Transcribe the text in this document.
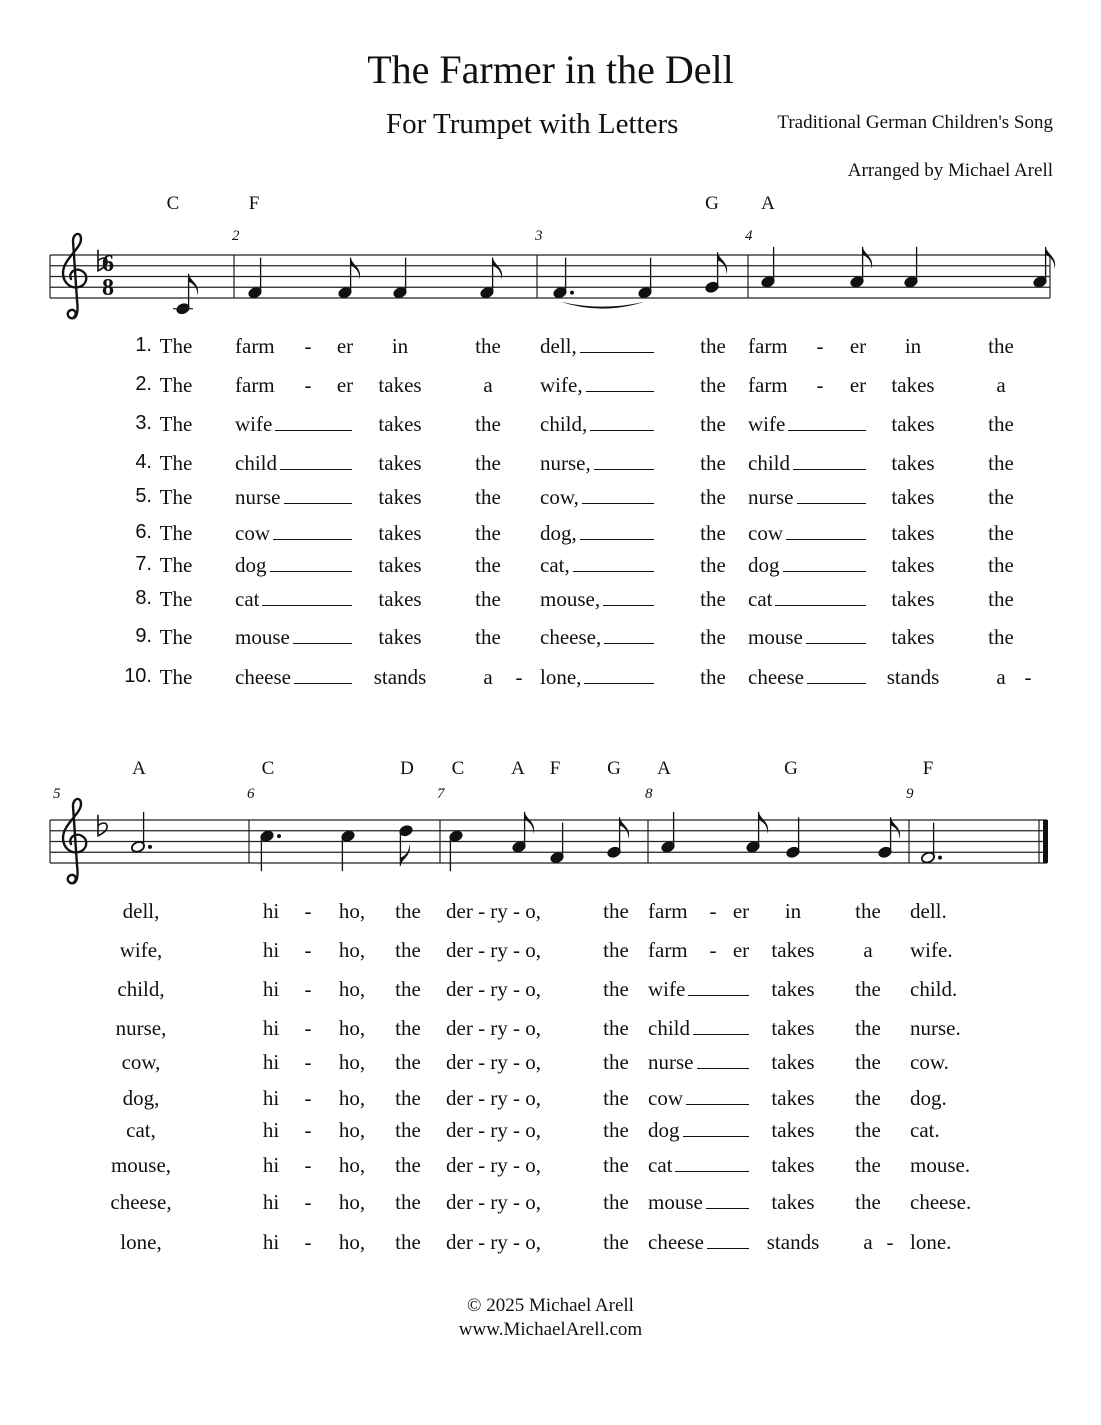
The Farmer in the Dell
For Trumpet with Letters	Traditional German Children's Song
Arranged by Michael Arell
6
8
C	F	G A
2	3	4
A	C	D C A F G A	G	F
5	6	7	8	9
1. The farm - er in	the dell,	the farm - er in	the
2. The farm - er takes	a wife,	the farm - er takes	a
3. The wife	takes	the child,	the wife	takes	the
4. The child	takes	the nurse,	the child	takes	the
5. The nurse	takes	the cow,	the nurse	takes	the
6. The cow	takes	the dog,	the cow	takes	the
7. The dog	takes	the cat,	the dog	takes	the
8. The cat	takes	the mouse,	the cat	takes	the
9. The mouse	takes	the cheese,	the mouse	takes	the
10. The cheese	stands	a - lone,	the cheese	stands	a -
dell,	hi - ho, the der - ry - o,	the farm - er in	the dell.
wife,	hi - ho, the der - ry - o,	the farm - er takes a wife.
child,	hi - ho, the der - ry - o,	the wife	takes the child.
nurse,	hi - ho, the der - ry - o,	the child	takes the nurse.
cow,	hi - ho, the der - ry - o,	the nurse	takes the cow.
dog,	hi - ho, the der - ry - o,	the cow	takes the dog.
cat,	hi - ho, the der - ry - o,	the dog	takes the cat.
mouse,	hi - ho, the der - ry - o,	the cat	takes the mouse.
cheese,	hi - ho, the der - ry - o,	the mouse	takes the cheese.
lone,	hi - ho, the der - ry - o,	the cheese	stands a - lone.
© 2025 Michael Arell
www.MichaelArell.com
